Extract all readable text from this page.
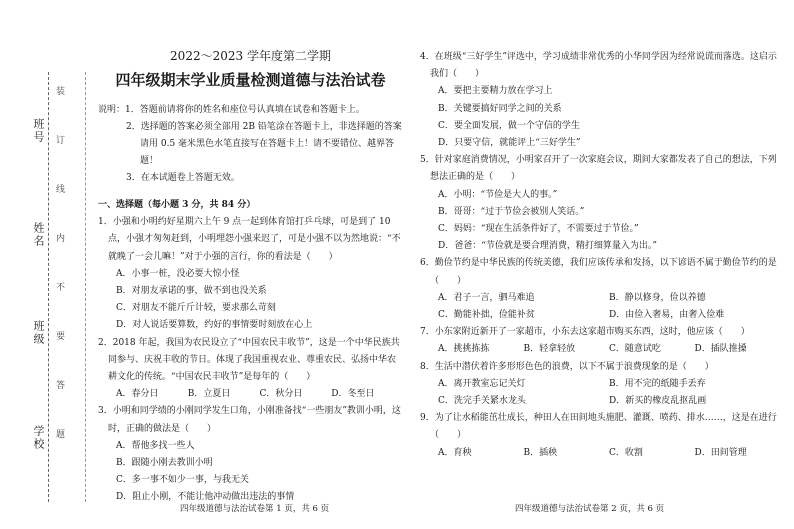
班号
姓名
班级
学校
装
订
线
内
不
要
答
题
2022～2023 学年度第二学期
四年级期末学业质量检测道德与法治试卷
说明：1．答题前请将你的姓名和座位号认真填在试卷和答题卡上。
2．选择题的答案必须全部用 2B 铅笔涂在答题卡上，非选择题的答案请用 0.5 毫米黑色水笔直接写在答题卡上！请不要错位、越界答题！
3．在本试题卷上答题无效。
一、选择题（每小题 3 分，共 84 分）
1．小强和小明约好星期六上午 9 点一起到体育馆打乒乓球，可是到了 10 点，小强才匆匆赶到，小明埋怨小强来迟了，可是小强不以为然地说：“不就晚了一会儿嘛！”对于小强的言行，你的看法是（　　）
A．小事一桩，没必要大惊小怪
B．对朋友承诺的事，做不到也没关系
C．对朋友不能斤斤计较，要求那么苛刻
D．对人说话要算数，约好的事情要时刻放在心上
2．2018 年起，我国为农民设立了“中国农民丰收节”，这是一个中华民族共同参与、庆祝丰收的节日。体现了我国重视农业、尊重农民、弘扬中华农耕文化的传统。“中国农民丰收节”是每年的（　　）
A．春分日	B．立夏日	C．秋分日	D．冬至日
3．小明和同学绩的小刚同学发生口角，小刚准备找“一些朋友”教训小明，这时，正确的做法是（　　）
A．帮他多找一些人
B．跟随小刚去教训小明
C．多一事不如少一事，与我无关
D．阻止小刚，不能让他冲动做出违法的事情
4．在班级“三好学生”评选中，学习成绩非常优秀的小华同学因为经常说谎而落选。这启示我们（　　）
A．要把主要精力放在学习上
B．关键要搞好同学之间的关系
C．要全面发展，做一个守信的学生
D．只要守信，就能评上“三好学生”
5．针对家庭消费情况，小明家召开了一次家庭会议，期间大家都发表了自己的想法，下列想法正确的是（　　）
A．小明：“节俭是大人的事。”
B．哥哥：“过于节俭会被别人笑话。”
C．妈妈：“现在生活条件好了，不需要过于节俭。”
D．爸爸：“节俭就是要合理消费，精打细算量入为出。”
6．勤俭节约是中华民族的传统美德，我们应该传承和发扬，以下谚语不属于勤俭节约的是（　　）
A．君子一言，驷马难追	B．静以修身，俭以养德
C．勤能补拙，俭能补贫	D．由俭入奢易，由奢入俭难
7．小东家附近新开了一家超市，小东去这家超市购买东西，这时，他应该（　　）
A．挑挑拣拣	B．轻拿轻放	C．随意试吃	D．插队推搡
8．生活中潜伏着许多形形色色的浪费，以下不属于浪费现象的是（　　）
A．离开教室忘记关灯	B．用不完的纸随手丢弃
C．洗完手关紧水龙头	D．新买的橡皮乱抠乱画
9．为了让水稻能茁壮成长，种田人在田间地头施肥、灌溉、喷药、排水……，这是在进行（　　）
A．育秧	B．插秧	C．收割	D．田间管理
四年级道德与法治试卷第 1 页，共 6 页	四年级道德与法治试卷第 2 页，共 6 页
